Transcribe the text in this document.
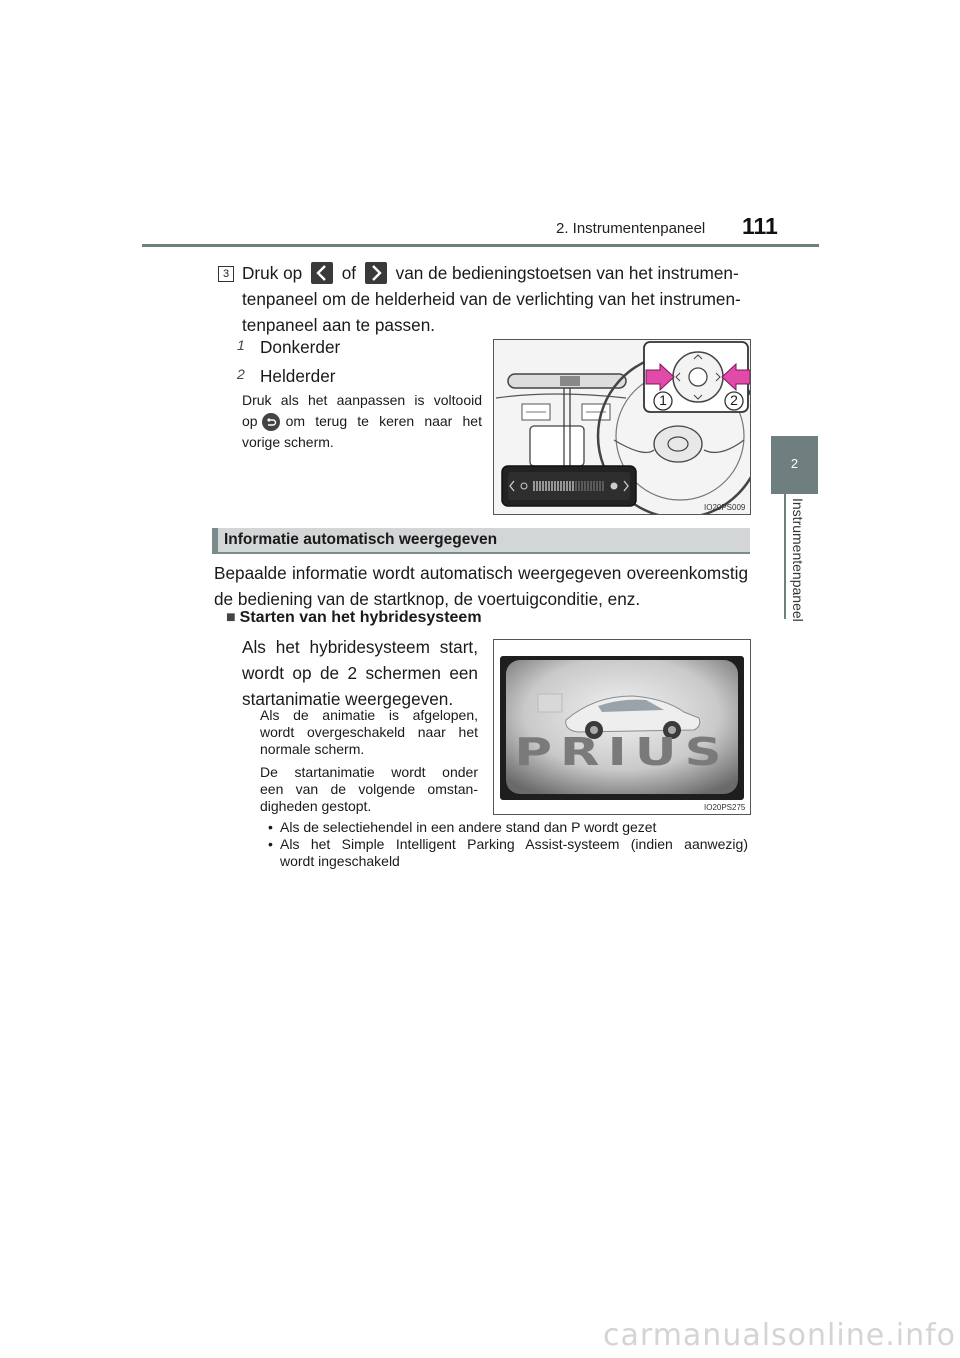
2. Instrumentenpaneel 111
2
Instrumentenpaneel
3 Druk op of van de bedieningstoetsen van het instrumen-
tenpaneel om de helderheid van de verlichting van het instrumen-
tenpaneel aan te passen.
1 Donkerder
2 Helderder
Druk als het aanpassen is voltooid
op om terug te keren naar het
vorige scherm.
1	2
IO20PS009
Informatie automatisch weergegeven
Bepaalde informatie wordt automatisch weergegeven overeenkomstig
de bediening van de startknop, de voertuigconditie, enz.
■ Starten van het hybridesysteem
Als het hybridesysteem start,
wordt op de 2 schermen een
startanimatie weergegeven.
Als de animatie is afgelopen,
wordt overgeschakeld naar het
normale scherm.
De startanimatie wordt onder
een van de volgende omstan-
digheden gestopt.
• Als de selectiehendel in een andere stand dan P wordt gezet
• Als het Simple Intelligent Parking Assist-systeem (indien aanwezig)
wordt ingeschakeld
PRIUS
IO20PS275
carmanualsonline.info
